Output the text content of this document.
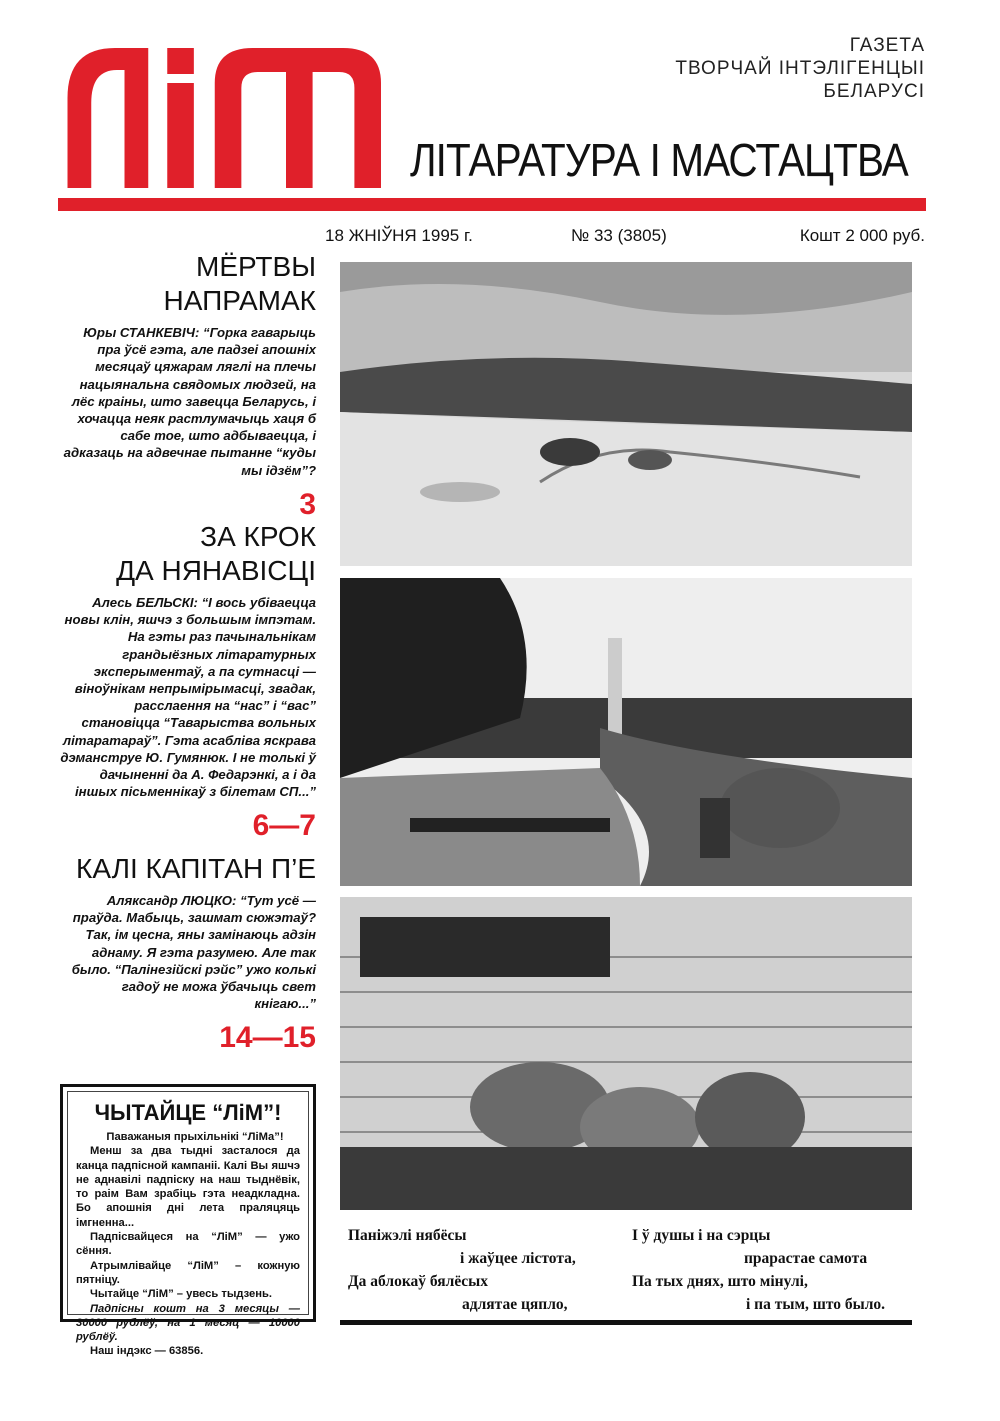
ГАЗЕТА
ТВОРЧАЙ ІНТЭЛІГЕНЦЫІ
БЕЛАРУСІ
ЛІТАРАТУРА І МАСТАЦТВА
18 ЖНІЎНЯ 1995 г.	№ 33 (3805)	Кошт 2 000 руб.
МЁРТВЫ
НАПРАМАК
Юры СТАНКЕВІЧ: “Горка гаварыць пра ўсё гэта, але падзеі апошніх месяцаў цяжарам ляглі на плечы нацыянальна свядомых людзей, на лёс краіны, што завецца Беларусь, і хочацца неяк растлумачыць хаця б сабе тое, што адбываецца, і адказаць на адвечнае пытанне “куды мы ідзём”?
3
ЗА КРОК
ДА НЯНАВІСЦІ
Алесь БЕЛЬСКІ: “І вось убіваецца новы клін, яшчэ з большым імпэтам. На гэты раз пачынальнікам грандыёзных літаратурных эксперыментаў, а па сутнасці — віноўнікам непрымірымасці, звадак, расслаення на “нас” і “вас” становіцца “Таварыства вольных літаратараў”. Гэта асабліва яскрава дэманструе Ю. Гумянюк. І не толькі ў дачыненні да А. Федарэнкі, а і да іншых пісьменнікаў з білетам СП...”
6—7
КАЛІ КАПІТАН П’Е
Аляксандр ЛЮЦКО: “Тут усё — праўда. Мабыць, зашмат сюжэтаў? Так, ім цесна, яны замінаюць адзін аднаму. Я гэта разумею. Але так было. “Палінезійскі рэйс” ужо колькі гадоў не можа ўбачыць свет кнігаю...”
14—15
ЧЫТАЙЦЕ “ЛіМ”!

Паважаныя прыхільнікі “ЛіМа”!

Менш за два тыдні засталося да канца падпісной кампаніі. Калі Вы яшчэ не аднавілі падпіску на наш тыднёвік, то раім Вам зрабіць гэта неадкладна. Бо апошнія дні лета праляцяць імгненна...

Падпісвайцеся на “ЛіМ” — ужо сёння.

Атрымлівайце “ЛіМ” – кожную пятніцу.

Чытайце “ЛіМ” – увесь тыдзень.

Падпісны кошт на 3 месяцы — 30000 рублёў, на 1 месяц — 10000 рублёў.

Наш індэкс — 63856.

Паніжэлі нябёсы
і жаўцее лістота,
Да аблокаў бялёсых
адлятае цяпло,
І ў душы і на сэрцы
прарастае самота
Па тых днях, што мінулі,
і па тым, што было.
